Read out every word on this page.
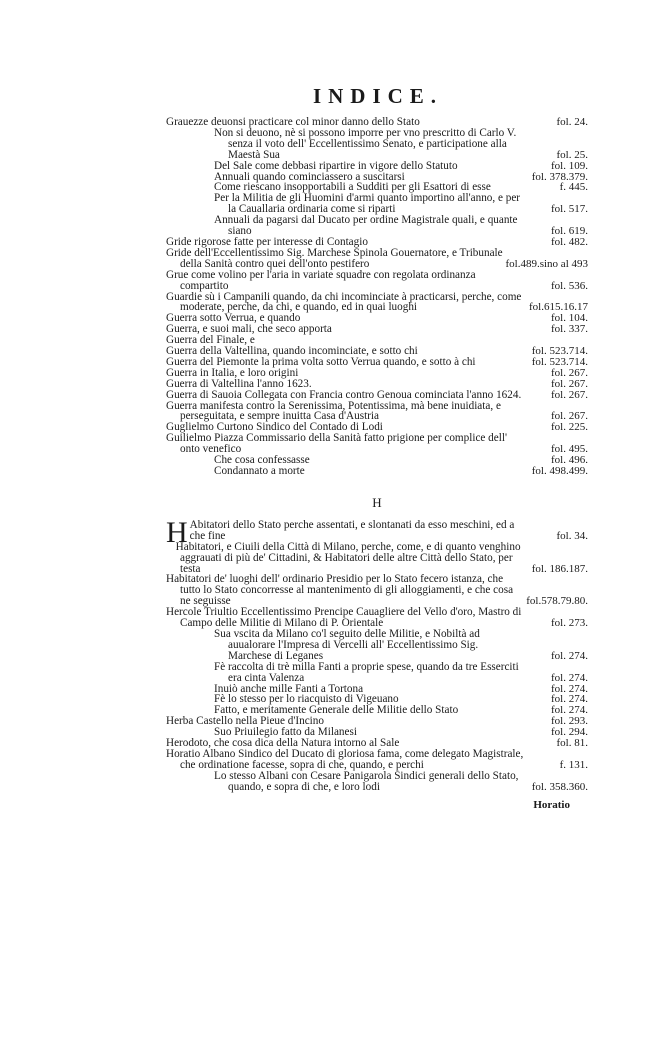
INDICE.
Grauezze deuonsi practicare col minor danno dello Stato	fol. 24.
Non si deuono, nè si possono imporre per vno prescritto di Carlo V. senza il voto dell' Eccellentissimo Senato, e participatione alla Maestà Sua	fol. 25.
Del Sale come debbasi ripartire in vigore dello Statuto	fol. 109.
Annuali quando cominciassero a suscitarsi	fol. 378.379.
Come riescano insopportabili a Sudditi per gli Esattori di esse	f. 445.
Per la Militia de gli Huomini d'armi quanto importino all'anno, e per la Cauallaria ordinaria come si riparti	fol. 517.
Annuali da pagarsi dal Ducato per ordine Magistrale quali, e quante siano	fol. 619.
Gride rigorose fatte per interesse di Contagio	fol. 482.
Gride dell'Eccellentissimo Sig. Marchese Spinola Gouernatore, e Tribunale della Sanità contro quei dell'onto pestifero	fol.489.sino al 493
Grue come volino per l'aria in variate squadre con regolata ordinanza compartito	fol. 536.
Guardie sù i Campanili quando, da chi incominciate à practicarsi, perche, come moderate, perche, da chi, e quando, ed in quai luoghi	fol.615.16.17
Guerra sotto Verrua, e quando	fol. 104.
Guerra, e suoi mali, che seco apporta	fol. 337.
Guerra del Finale, e
Guerra della Valtellina, quando incominciate, e sotto chi	fol. 523.714.
Guerra del Piemonte la prima volta sotto Verrua quando, e sotto à chi	fol. 523.714.
Guerra in Italia, e loro origini	fol. 267.
Guerra di Valtellina l'anno 1623.	fol. 267.
Guerra di Sauoia Collegata con Francia contro Genoua cominciata l'anno 1624.	fol. 267.
Guerra manifesta contro la Serenissima, Potentissima, mà bene inuidiata, e perseguitata, e sempre inuitta Casa d'Austria	fol. 267.
Guglielmo Curtono Sindico del Contado di Lodi	fol. 225.
Guilielmo Piazza Commissario della Sanità fatto prigione per complice dell' onto venefico	fol. 495.
Che cosa confessasse	fol. 496.
Condannato a morte	fol. 498.499.
H
H Abitatori dello Stato perche assentati, e slontanati da esso meschini, ed a che fine	fol. 34.
Habitatori, e Ciuili della Città di Milano, perche, come, e di quanto venghino aggrauati di più de' Cittadini, & Habitatori delle altre Città dello Stato, per testa	fol. 186.187.
Habitatori de' luoghi dell' ordinario Presidio per lo Stato fecero istanza, che tutto lo Stato concorresse al mantenimento di gli alloggiamenti, e che cosa ne seguisse	fol.578.79.80.
Hercole Triultio Eccellentissimo Prencipe Cauagliere del Vello d'oro, Mastro di Campo delle Militie di Milano di P. Orientale	fol. 273.
Sua vscita da Milano co'l seguito delle Militie, e Nobiltà ad auualorare l'Impresa di Vercelli all' Eccellentissimo Sig. Marchese di Leganes	fol. 274.
Fè raccolta di trè milla Fanti a proprie spese, quando da tre Esserciti era cinta Valenza	fol. 274.
Inuiò anche mille Fanti a Tortona	fol. 274.
Fè lo stesso per lo riacquisto di Vigeuano	fol. 274.
Fatto, e meritamente Generale delle Militie dello Stato	fol. 274.
Herba Castello nella Pieue d'Incino	fol. 293.
Suo Priuilegio fatto da Milanesi	fol. 294.
Herodoto, che cosa dica della Natura intorno al Sale	fol. 81.
Horatio Albano Sindico del Ducato di gloriosa fama, come delegato Magistrale, che ordinatione facesse, sopra di che, quando, e perchi	f. 131.
Lo stesso Albani con Cesare Panigarola Sindici generali dello Stato, quando, e sopra di che, e loro lodi	fol. 358.360.
Horatio
